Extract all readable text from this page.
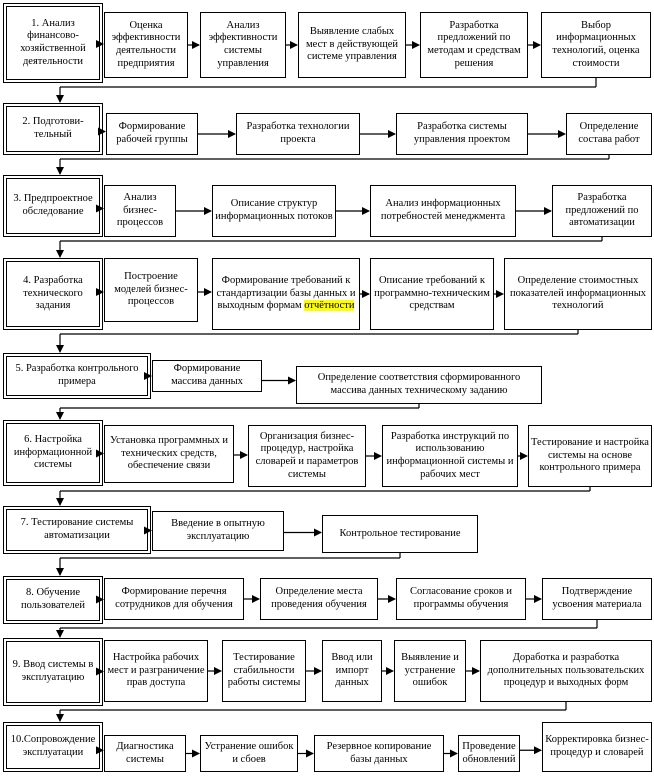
1. Анализ финансово-хозяйственной деятельности
Оценка эффективности деятельности предприятия
Анализ эффективности системы управления
Выявление слабых мест в действующей системе управления
Разработка предложений по методам и средствам решения
Выбор информационных технологий, оценка стоимости
2. Подготови-тельный
Формирование рабочей группы
Разработка технологии проекта
Разработка системы управления проектом
Определение состава работ
3. Предпроектное обследование
Анализ бизнес-процессов
Описание структур информационных потоков
Анализ информационных потребностей менеджмента
Разработка предложений по автоматизации
4. Разработка технического задания
Построение моделей бизнес-процессов
Формирование требований к стандартизации базы данных и выходным формам отчётности
Описание требований к программно-техническим средствам
Определение стоимостных показателей информационных технологий
5. Разработка контрольного примера
Формирование массива данных	Определение соответствия сформированного массива данных техническому заданию
6. Настройка информационной системы
Установка программных и технических средств, обеспечение связи
Организация бизнес-процедур, настройка словарей и параметров системы
Разработка инструкций по использованию информационной системы и рабочих мест
Тестирование и настройка системы на основе контрольного примера
7. Тестирование системы автоматизации
Введение в опытную эксплуатацию	Контрольное тестирование
8. Обучение пользователей
Формирование перечня сотрудников для обучения
Определение места проведения обучения
Согласование сроков и программы обучения
Подтверждение усвоения материала
9. Ввод системы в эксплуатацию
Настройка рабочих мест и разграничение прав доступа
Тестирование стабильности работы системы
Ввод или импорт данных
Выявление и устранение ошибок
Доработка и разработка дополнительных пользовательских процедур и выходных форм
10.Сопровождение эксплуатации
Диагностика системы
Устранение ошибок и сбоев
Резервное копирование базы данных
Проведение обновлений
Корректировка бизнес-процедур и словарей
